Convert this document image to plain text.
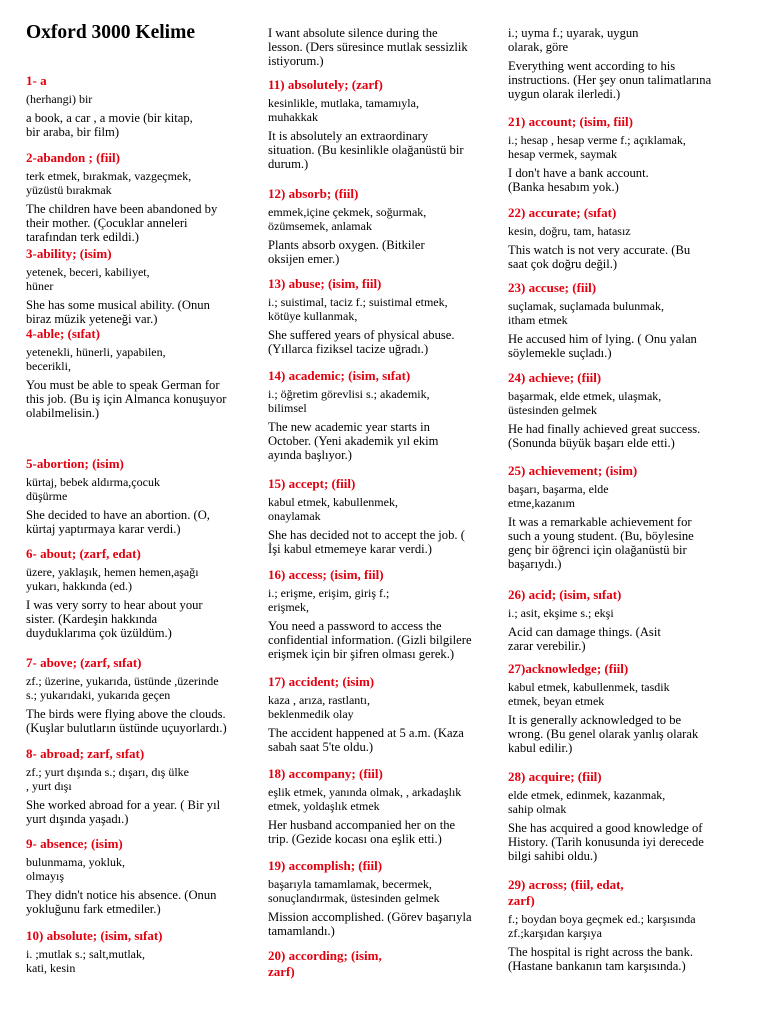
Oxford 3000 Kelime
1- a
(herhangi) bir
a book, a car , a movie (bir kitap,
bir araba, bir film)
2-abandon ; (fiil)
terk etmek, bırakmak, vazgeçmek,
yüzüstü bırakmak
The children have been abandoned by
their mother. (Çocuklar anneleri
tarafından terk edildi.)
3-ability; (isim)
yetenek, beceri, kabiliyet,
hüner
She has some musical ability. (Onun
biraz müzik yeteneği var.)
4-able; (sıfat)
yetenekli, hünerli, yapabilen,
becerikli,
You must be able to speak German for
this job. (Bu iş için Almanca konuşuyor
olabilmelisin.)
5-abortion; (isim)
kürtaj, bebek aldırma,çocuk
düşürme
She decided to have an abortion. (O,
kürtaj yaptırmaya karar verdi.)
6- about; (zarf, edat)
üzere, yaklaşık, hemen hemen,aşağı
yukarı, hakkında (ed.)
I was very sorry to hear about your
sister. (Kardeşin hakkında
duyduklarıma çok üzüldüm.)
7- above; (zarf, sıfat)
zf.; üzerine, yukarıda, üstünde ,üzerinde
s.; yukarıdaki, yukarıda geçen
The birds were flying above the clouds.
(Kuşlar bulutların üstünde uçuyorlardı.)
8- abroad; zarf, sıfat)
zf.; yurt dışında s.; dışarı, dış ülke
, yurt dışı
She worked abroad for a year. ( Bir yıl
yurt dışında yaşadı.)
9- absence; (isim)
bulunmama, yokluk,
olmayış
They didn't notice his absence. (Onun
yokluğunu fark etmediler.)
10) absolute; (isim, sıfat)
i. ;mutlak s.; salt,mutlak,
kati, kesin
I want absolute silence during the
lesson. (Ders süresince mutlak sessizlik
istiyorum.)
11) absolutely; (zarf)
kesinlikle, mutlaka, tamamıyla,
muhakkak
It is absolutely an extraordinary
situation. (Bu kesinlikle olağanüstü bir
durum.)
12) absorb; (fiil)
emmek,içine çekmek, soğurmak,
özümsemek, anlamak
Plants absorb oxygen. (Bitkiler
oksijen emer.)
13) abuse; (isim, fiil)
i.; suistimal, taciz f.; suistimal etmek,
kötüye kullanmak,
She suffered years of physical abuse.
(Yıllarca fiziksel tacize uğradı.)
14) academic; (isim, sıfat)
i.; öğretim görevlisi s.; akademik,
bilimsel
The new academic year starts in
October. (Yeni akademik yıl ekim
ayında başlıyor.)
15) accept; (fiil)
kabul etmek, kabullenmek,
onaylamak
She has decided not to accept the job. (
İşi kabul etmemeye karar verdi.)
16) access; (isim, fiil)
i.; erişme, erişim, giriş f.;
erişmek,
You need a password to access the
confidential information. (Gizli bilgilere
erişmek için bir şifren olması gerek.)
17) accident; (isim)
kaza , arıza, rastlantı,
beklenmedik olay
The accident happened at 5 a.m. (Kaza
sabah saat 5'te oldu.)
18) accompany; (fiil)
eşlik etmek, yanında olmak, , arkadaşlık
etmek, yoldaşlık etmek
Her husband accompanied her on the
trip. (Gezide kocası ona eşlik etti.)
19) accomplish; (fiil)
başarıyla tamamlamak, becermek,
sonuçlandırmak, üstesinden gelmek
Mission accomplished. (Görev başarıyla
tamamlandı.)
20) according; (isim,
zarf)
i.; uyma f.; uyarak, uygun
olarak, göre
Everything went according to his
instructions. (Her şey onun talimatlarına
uygun olarak ilerledi.)
21) account; (isim, fiil)
i.; hesap , hesap verme f.; açıklamak,
hesap vermek, saymak
I don't have a bank account.
(Banka hesabım yok.)
22) accurate; (sıfat)
kesin, doğru, tam, hatasız
This watch is not very accurate. (Bu
saat çok doğru değil.)
23) accuse; (fiil)
suçlamak, suçlamada bulunmak,
itham etmek
He accused him of lying. ( Onu yalan
söylemekle suçladı.)
24) achieve; (fiil)
başarmak, elde etmek, ulaşmak,
üstesinden gelmek
He had finally achieved great success.
(Sonunda büyük başarı elde etti.)
25) achievement; (isim)
başarı, başarma, elde
etme,kazanım
It was a remarkable achievement for
such a young student. (Bu, böylesine
genç bir öğrenci için olağanüstü bir
başarıydı.)
26) acid; (isim, sıfat)
i.; asit, ekşime s.; ekşi
Acid can damage things. (Asit
zarar verebilir.)
27)acknowledge; (fiil)
kabul etmek, kabullenmek, tasdik
etmek, beyan etmek
It is generally acknowledged to be
wrong. (Bu genel olarak yanlış olarak
kabul edilir.)
28) acquire; (fiil)
elde etmek, edinmek, kazanmak,
sahip olmak
She has acquired a good knowledge of
History. (Tarih konusunda iyi derecede
bilgi sahibi oldu.)
29) across; (fiil, edat,
zarf)
f.; boydan boya geçmek ed.; karşısında
zf.;karşıdan karşıya
The hospital is right across the bank.
(Hastane bankanın tam karşısında.)
